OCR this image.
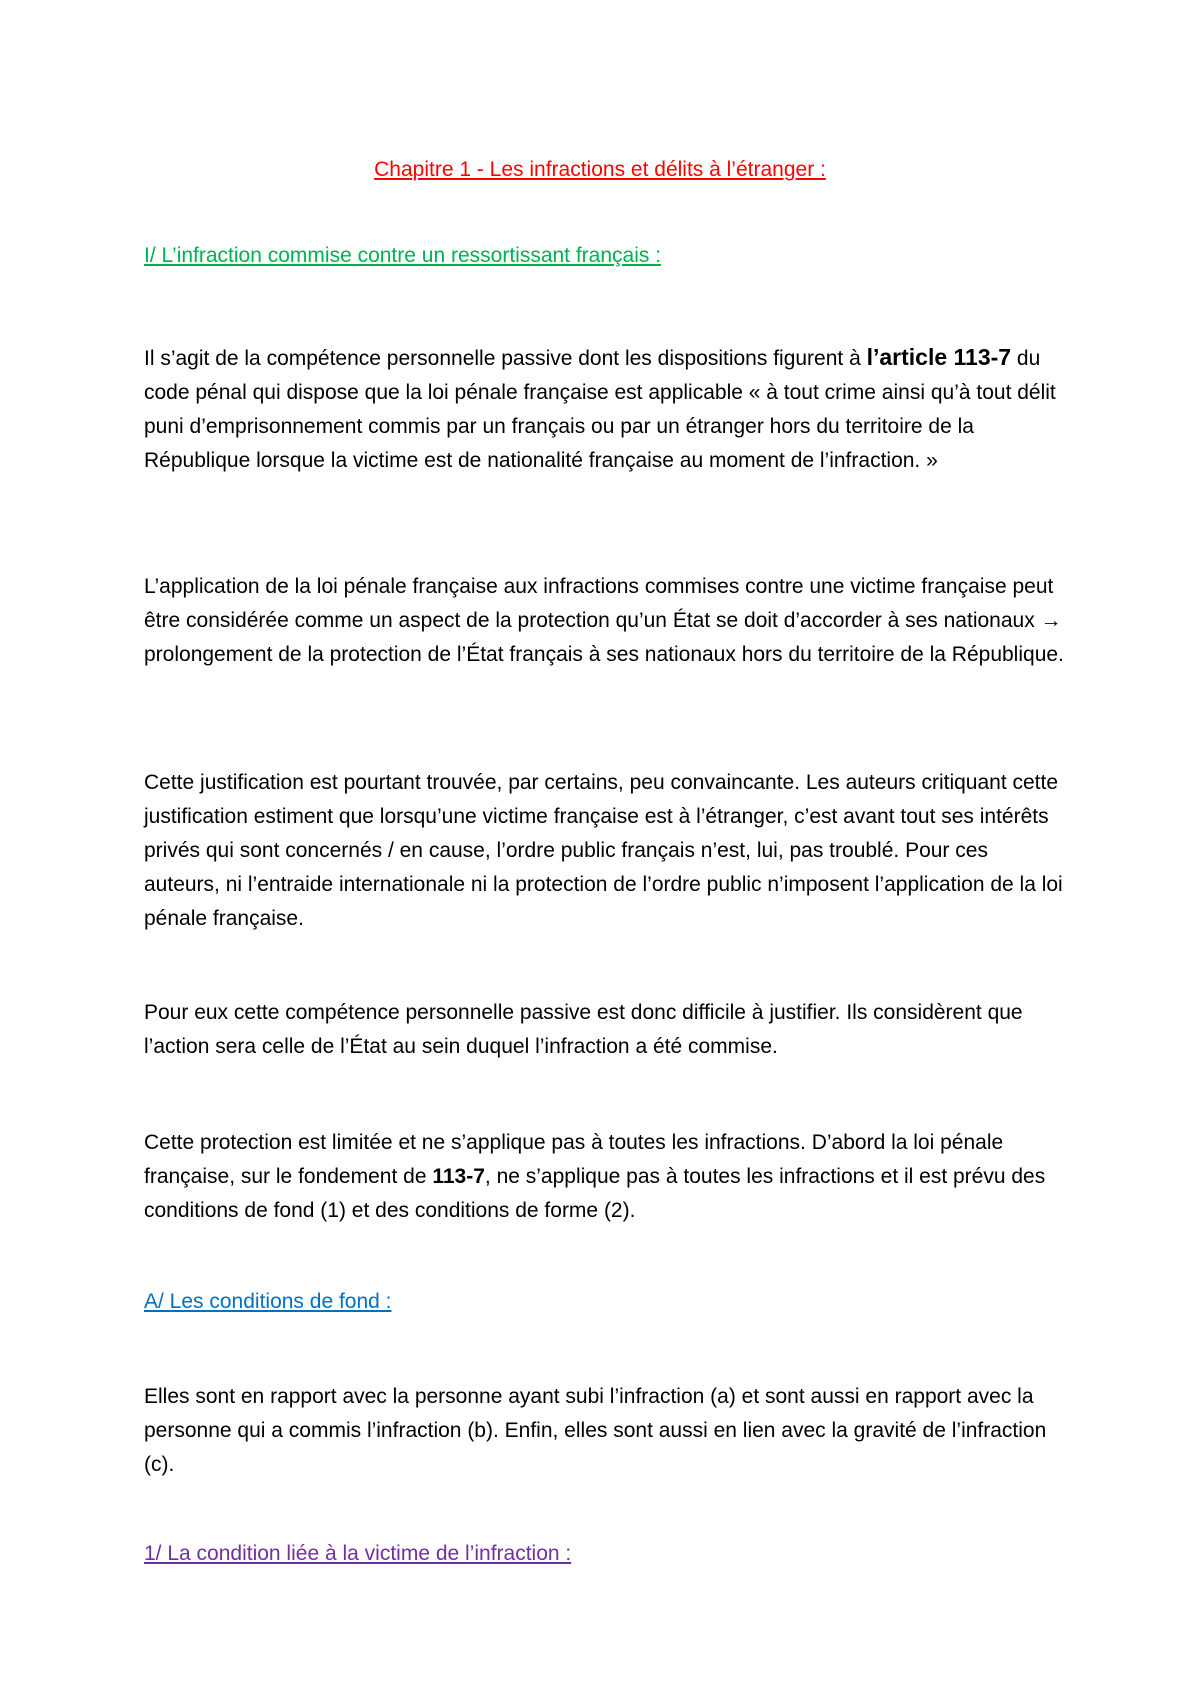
Chapitre 1 - Les infractions et délits à l’étranger :

I/ L’infraction commise contre un ressortissant français :

Il s’agit de la compétence personnelle passive dont les dispositions figurent à l’article 113-7 du code pénal qui dispose que la loi pénale française est applicable « à tout crime ainsi qu’à tout délit puni d’emprisonnement commis par un français ou par un étranger hors du territoire de la République lorsque la victime est de nationalité française au moment de l’infraction. »

L’application de la loi pénale française aux infractions commises contre une victime française peut être considérée comme un aspect de la protection qu’un État se doit d’accorder à ses nationaux → prolongement de la protection de l’État français à ses nationaux hors du territoire de la République.

Cette justification est pourtant trouvée, par certains, peu convaincante. Les auteurs critiquant cette justification estiment que lorsqu’une victime française est à l’étranger, c’est avant tout ses intérêts privés qui sont concernés / en cause, l’ordre public français n’est, lui, pas troublé. Pour ces auteurs, ni l’entraide internationale ni la protection de l’ordre public n’imposent l’application de la loi pénale française.

Pour eux cette compétence personnelle passive est donc difficile à justifier. Ils considèrent que l’action sera celle de l’État au sein duquel l’infraction a été commise.

Cette protection est limitée et ne s’applique pas à toutes les infractions. D’abord la loi pénale française, sur le fondement de 113-7, ne s’applique pas à toutes les infractions et il est prévu des conditions de fond (1) et des conditions de forme (2).

A/ Les conditions de fond :

Elles sont en rapport avec la personne ayant subi l’infraction (a) et sont aussi en rapport avec la personne qui a commis l’infraction (b). Enfin, elles sont aussi en lien avec la gravité de l’infraction (c).

1/ La condition liée à la victime de l’infraction :
